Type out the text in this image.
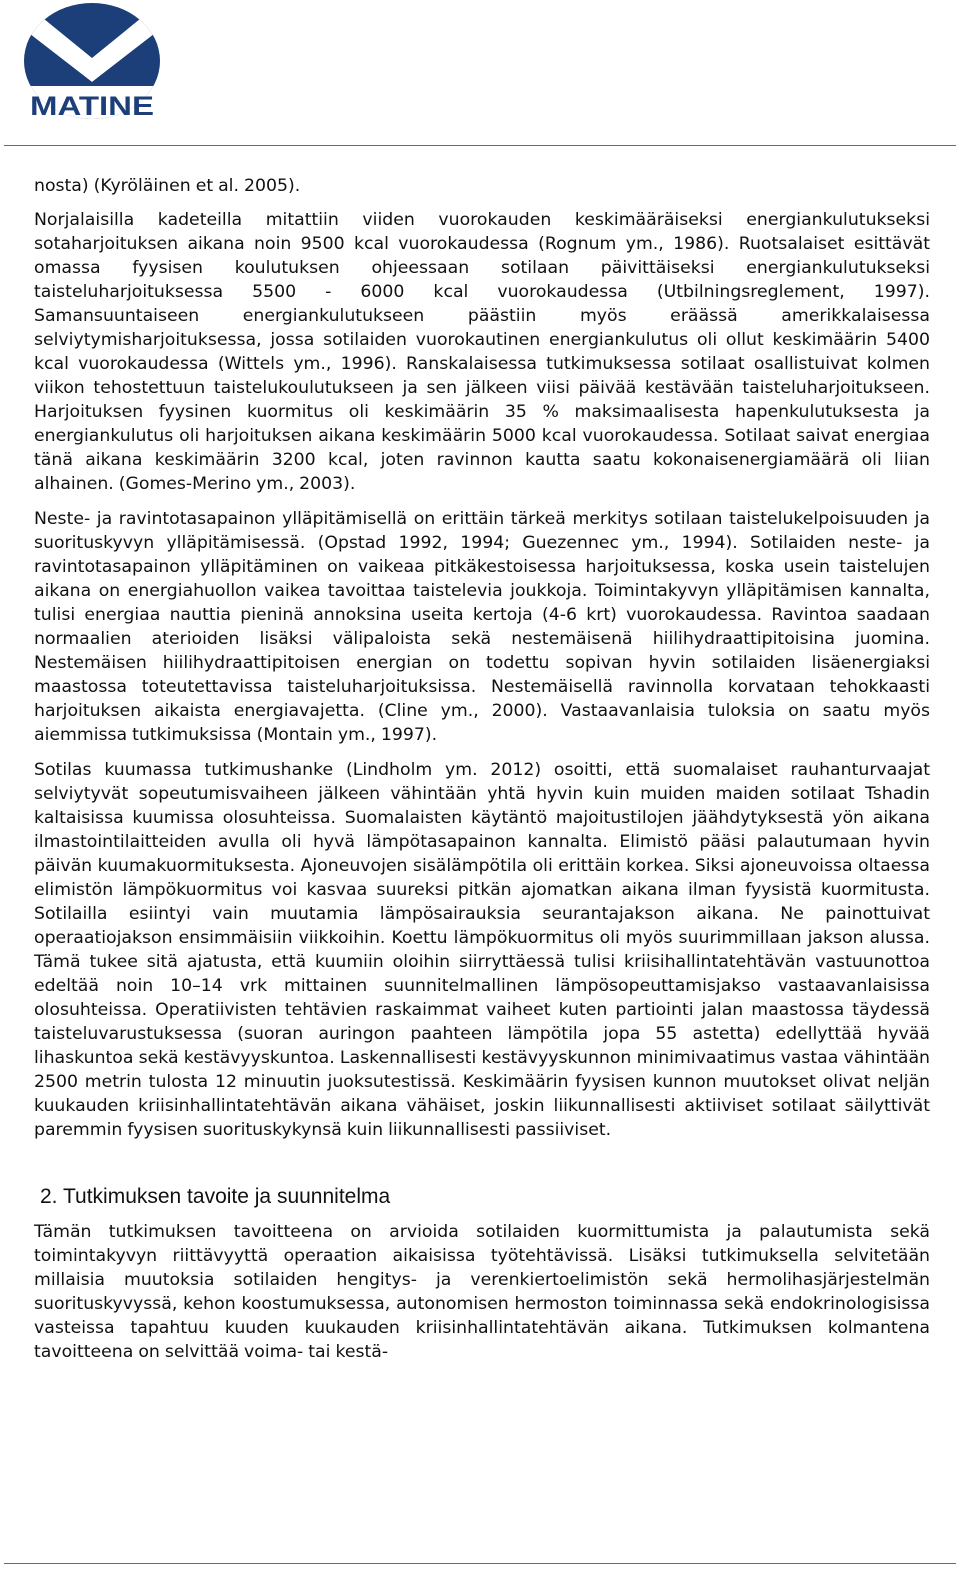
MATINE

nosta) (Kyröläinen et al. 2005).

Norjalaisilla kadeteilla mitattiin viiden vuorokauden keskimääräiseksi energiankulutukseksi sotaharjoituksen aikana noin 9500 kcal vuorokaudessa (Rognum ym., 1986). Ruotsalaiset esittävät omassa fyysisen koulutuksen ohjeessaan sotilaan päivittäiseksi energiankulutukseksi taisteluharjoituksessa 5500 - 6000 kcal vuorokaudessa (Utbilningsreglement, 1997). Samansuuntaiseen energiankulutukseen päästiin myös eräässä amerikkalaisessa selviytymisharjoituksessa, jossa sotilaiden vuorokautinen energiankulutus oli ollut keskimäärin 5400 kcal vuorokaudessa (Wittels ym., 1996). Ranskalaisessa tutkimuksessa sotilaat osallistuivat kolmen viikon tehostettuun taistelukoulutukseen ja sen jälkeen viisi päivää kestävään taisteluharjoitukseen. Harjoituksen fyysinen kuormitus oli keskimäärin 35 % maksimaalisesta hapenkulutuksesta ja energiankulutus oli harjoituksen aikana keskimäärin 5000 kcal vuorokaudessa. Sotilaat saivat energiaa tänä aikana keskimäärin 3200 kcal, joten ravinnon kautta saatu kokonaisenergiamäärä oli liian alhainen. (Gomes-Merino ym., 2003).

Neste- ja ravintotasapainon ylläpitämisellä on erittäin tärkeä merkitys sotilaan taistelukelpoisuuden ja suorituskyvyn ylläpitämisessä. (Opstad 1992, 1994; Guezennec ym., 1994). Sotilaiden neste- ja ravintotasapainon ylläpitäminen on vaikeaa pitkäkestoisessa harjoituksessa, koska usein taistelujen aikana on energiahuollon vaikea tavoittaa taistelevia joukkoja. Toimintakyvyn ylläpitämisen kannalta, tulisi energiaa nauttia pieninä annoksina useita kertoja (4-6 krt) vuorokaudessa. Ravintoa saadaan normaalien aterioiden lisäksi välipaloista sekä nestemäisenä hiilihydraattipitoisina juomina. Nestemäisen hiilihydraattipitoisen energian on todettu sopivan hyvin sotilaiden lisäenergiaksi maastossa toteutettavissa taisteluharjoituksissa. Nestemäisellä ravinnolla korvataan tehokkaasti harjoituksen aikaista energiavajetta. (Cline ym., 2000). Vastaavanlaisia tuloksia on saatu myös aiemmissa tutkimuksissa (Montain ym., 1997).

Sotilas kuumassa tutkimushanke (Lindholm ym. 2012) osoitti, että suomalaiset rauhanturvaajat selviytyvät sopeutumisvaiheen jälkeen vähintään yhtä hyvin kuin muiden maiden sotilaat Tshadin kaltaisissa kuumissa olosuhteissa. Suomalaisten käytäntö majoitustilojen jäähdytyksestä yön aikana ilmastointilaitteiden avulla oli hyvä lämpötasapainon kannalta. Elimistö pääsi palautumaan hyvin päivän kuumakuormituksesta. Ajoneuvojen sisälämpötila oli erittäin korkea. Siksi ajoneuvoissa oltaessa elimistön lämpökuormitus voi kasvaa suureksi pitkän ajomatkan aikana ilman fyysistä kuormitusta. Sotilailla esiintyi vain muutamia lämpösairauksia seurantajakson aikana. Ne painottuivat operaatiojakson ensimmäisiin viikkoihin. Koettu lämpökuormitus oli myös suurimmillaan jakson alussa. Tämä tukee sitä ajatusta, että kuumiin oloihin siirryttäessä tulisi kriisihallintatehtävän vastuunottoa edeltää noin 10–14 vrk mittainen suunnitelmallinen lämpösopeuttamisjakso vastaavanlaisissa olosuhteissa. Operatiivisten tehtävien raskaimmat vaiheet kuten partiointi jalan maastossa täydessä taisteluvarustuksessa (suoran auringon paahteen lämpötila jopa 55 astetta) edellyttää hyvää lihaskuntoa sekä kestävyyskuntoa. Laskennallisesti kestävyyskunnon minimivaatimus vastaa vähintään 2500 metrin tulosta 12 minuutin juoksutestissä. Keskimäärin fyysisen kunnon muutokset olivat neljän kuukauden kriisinhallintatehtävän aikana vähäiset, joskin liikunnallisesti aktiiviset sotilaat säilyttivät paremmin fyysisen suorituskykynsä kuin liikunnallisesti passiiviset.

2. Tutkimuksen tavoite ja suunnitelma

Tämän tutkimuksen tavoitteena on arvioida sotilaiden kuormittumista ja palautumista sekä toimintakyvyn riittävyyttä operaation aikaisissa työtehtävissä. Lisäksi tutkimuksella selvitetään millaisia muutoksia sotilaiden hengitys- ja verenkiertoelimistön sekä hermolihasjärjestelmän suorituskyvyssä, kehon koostumuksessa, autonomisen hermoston toiminnassa sekä endokrinologisissa vasteissa tapahtuu kuuden kuukauden kriisinhallintatehtävän aikana. Tutkimuksen kolmantena tavoitteena on selvittää voima- tai kestä-
